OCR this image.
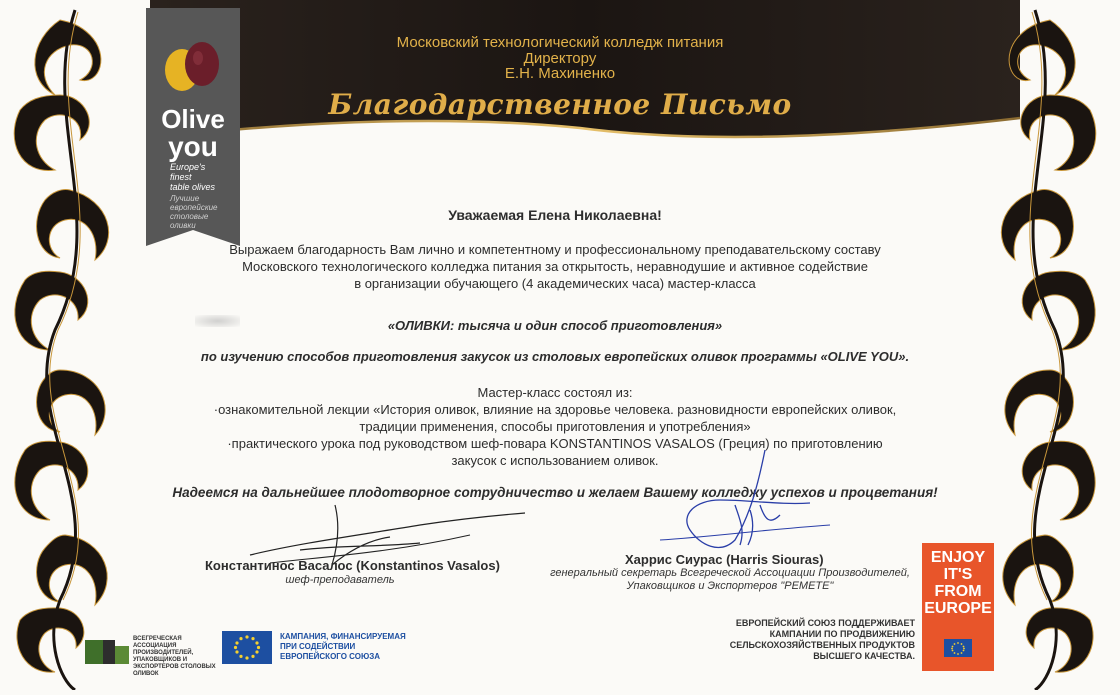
Московский технологический колледж питания
Директору
Е.Н. Махиненко
Благодарственное Письмо
Olive
you
Europe's
finest
table olives
Лучшие
европейские
столовые
оливки
Уважаемая Елена Николаевна!
Выражаем благодарность Вам лично и компетентному и профессиональному преподавательскому составу
Московского технологического колледжа питания за открытость, неравнодушие и активное содействие
в организации обучающего (4 академических часа) мастер-класса
«ОЛИВКИ: тысяча и один способ приготовления»
по изучению способов приготовления закусок из столовых европейских оливок программы «OLIVE YOU».
Мастер-класс состоял из:
·ознакомительной лекции «История оливок, влияние на здоровье человека. разновидности европейских оливок,
традиции применения, способы приготовления и употребления»
·практического урока под руководством шеф-повара KONSTANTINOS VASALOS (Греция) по приготовлению
закусок с использованием оливок.
Надеемся на дальнейшее плодотворное сотрудничество и желаем Вашему колледжу успехов и процветания!
Константинос Васалос (Konstantinos Vasalos)
шеф-преподаватель
Харрис Сиурас (Harris Siouras)
генеральный секретарь Всегреческой Ассоциации Производителей,
Упаковщиков и Экспортеров "PEMETE"
ВСЕГРЕЧЕСКАЯ АССОЦИАЦИЯ ПРОИЗВОДИТЕЛЕЙ, УПАКОВЩИКОВ И ЭКСПОРТЕРОВ СТОЛОВЫХ ОЛИВОК
КАМПАНИЯ, ФИНАНСИРУЕМАЯ
ПРИ СОДЕЙСТВИИ
ЕВРОПЕЙСКОГО СОЮЗА
ЕВРОПЕЙСКИЙ СОЮЗ ПОДДЕРЖИВАЕТ
КАМПАНИИ ПО ПРОДВИЖЕНИЮ
СЕЛЬСКОХОЗЯЙСТВЕННЫХ ПРОДУКТОВ
ВЫСШЕГО КАЧЕСТВА.
ENJOY
IT'S FROM
EUROPE
